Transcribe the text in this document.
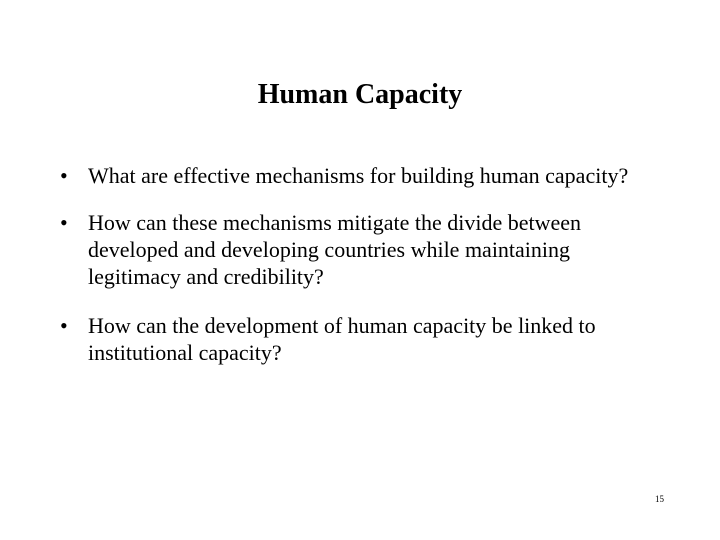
Human Capacity
• What are effective mechanisms for building human capacity?
• How can these mechanisms mitigate the divide between developed and developing countries while maintaining legitimacy and credibility?
• How can the development of human capacity be linked to institutional capacity?
15
